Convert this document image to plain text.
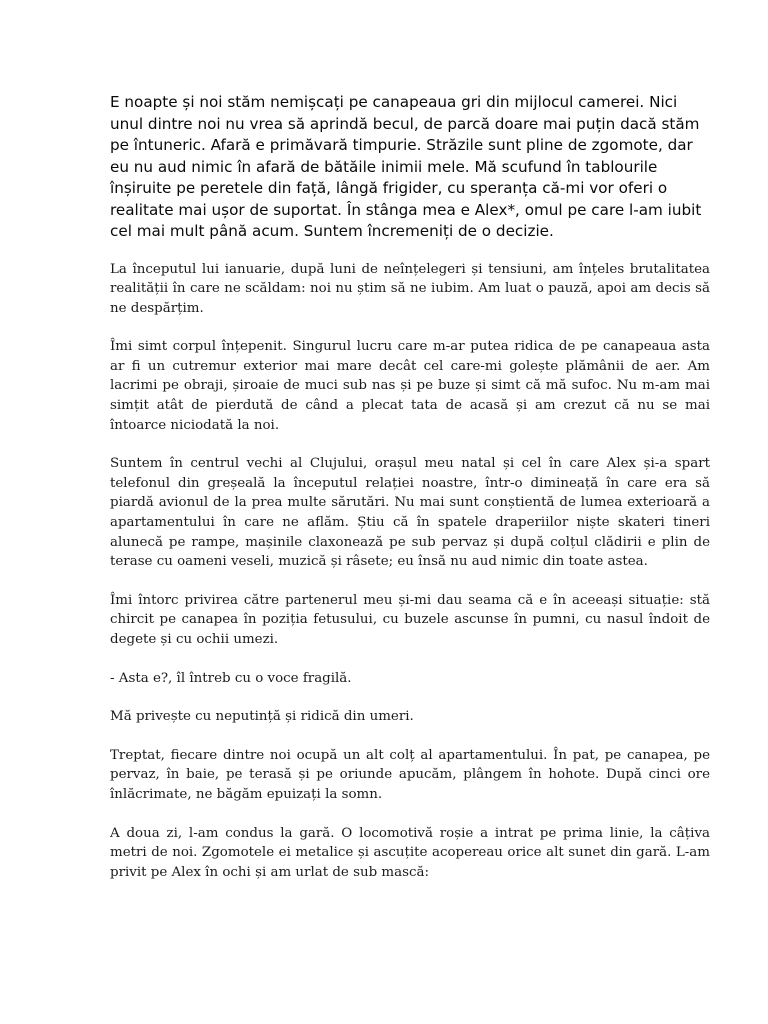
E noapte și noi stăm nemișcați pe canapeaua gri din mijlocul camerei. Nici unul dintre noi nu vrea să aprindă becul, de parcă doare mai puțin dacă stăm pe întuneric. Afară e primăvară timpurie. Străzile sunt pline de zgomote, dar eu nu aud nimic în afară de bătăile inimii mele. Mă scufund în tablourile înșiruite pe peretele din față, lângă frigider, cu speranța că-mi vor oferi o realitate mai ușor de suportat. În stânga mea e Alex*, omul pe care l-am iubit cel mai mult până acum. Suntem încremeniți de o decizie.

La începutul lui ianuarie, după luni de neînțelegeri și tensiuni, am înțeles brutalitatea realității în care ne scăldam: noi nu știm să ne iubim. Am luat o pauză, apoi am decis să ne despărțim.

Îmi simt corpul înțepenit. Singurul lucru care m-ar putea ridica de pe canapeaua asta ar fi un cutremur exterior mai mare decât cel care-mi golește plămânii de aer. Am lacrimi pe obraji, șiroaie de muci sub nas și pe buze și simt că mă sufoc. Nu m-am mai simțit atât de pierdută de când a plecat tata de acasă și am crezut că nu se mai întoarce niciodată la noi.

Suntem în centrul vechi al Clujului, orașul meu natal și cel în care Alex și-a spart telefonul din greșeală la începutul relației noastre, într-o dimineață în care era să piardă avionul de la prea multe sărutări. Nu mai sunt conștientă de lumea exterioară a apartamentului în care ne aflăm. Știu că în spatele draperiilor niște skateri tineri alunecă pe rampe, mașinile claxonează pe sub pervaz și după colțul clădirii e plin de terase cu oameni veseli, muzică și râsete; eu însă nu aud nimic din toate astea.

Îmi întorc privirea către partenerul meu și-mi dau seama că e în aceeași situație: stă chircit pe canapea în poziția fetusului, cu buzele ascunse în pumni, cu nasul îndoit de degete și cu ochii umezi.

- Asta e?, îl întreb cu o voce fragilă.

Mă privește cu neputință și ridică din umeri.

Treptat, fiecare dintre noi ocupă un alt colț al apartamentului. În pat, pe canapea, pe pervaz, în baie, pe terasă și pe oriunde apucăm, plângem în hohote. După cinci ore înlăcrimate, ne băgăm epuizați la somn.

A doua zi, l-am condus la gară. O locomotivă roșie a intrat pe prima linie, la câțiva metri de noi. Zgomotele ei metalice și ascuțite acopereau orice alt sunet din gară. L-am privit pe Alex în ochi și am urlat de sub mască:
